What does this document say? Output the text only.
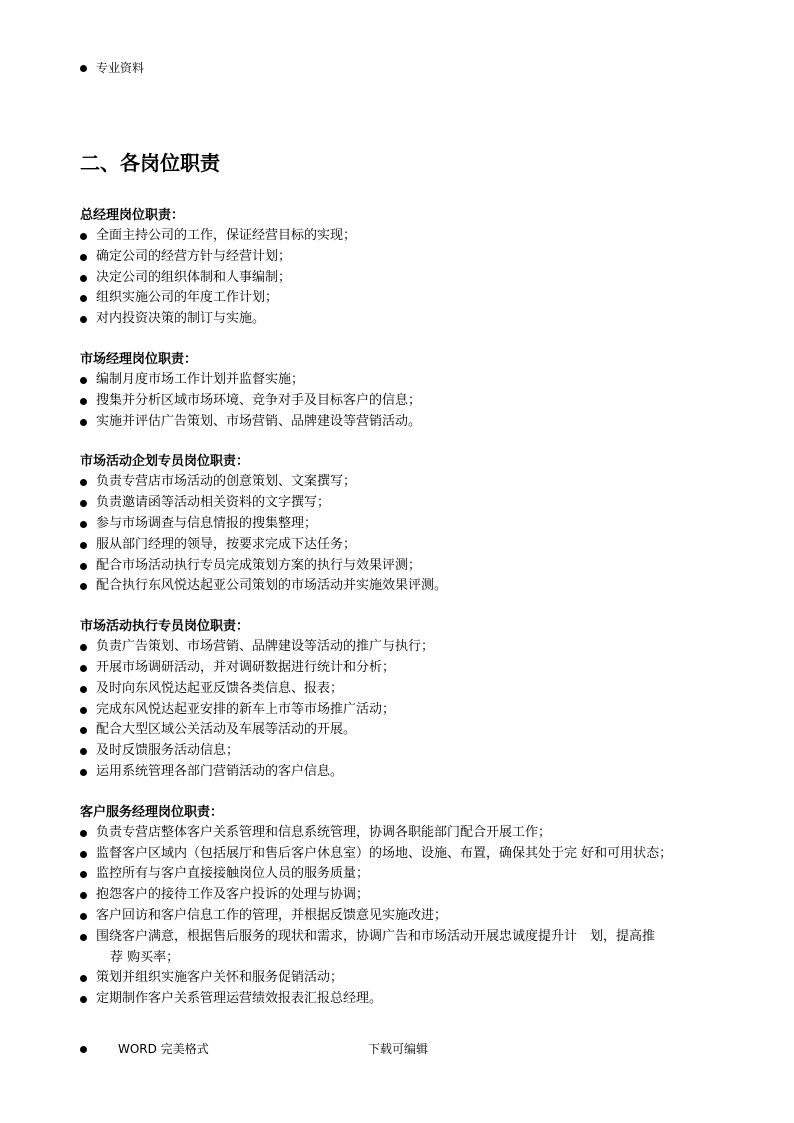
专业资料
二、各岗位职责
总经理岗位职责：
全面主持公司的工作，保证经营目标的实现；
确定公司的经营方针与经营计划；
决定公司的组织体制和人事编制；
组织实施公司的年度工作计划；
对内投资决策的制订与实施。
市场经理岗位职责：
编制月度市场工作计划并监督实施；
搜集并分析区域市场环境、竞争对手及目标客户的信息；
实施并评估广告策划、市场营销、品牌建设等营销活动。
市场活动企划专员岗位职责：
负责专营店市场活动的创意策划、文案撰写；
负责邀请函等活动相关资料的文字撰写；
参与市场调查与信息情报的搜集整理；
服从部门经理的领导，按要求完成下达任务；
配合市场活动执行专员完成策划方案的执行与效果评测；
配合执行东风悦达起亚公司策划的市场活动并实施效果评测。
市场活动执行专员岗位职责：
负责广告策划、市场营销、品牌建设等活动的推广与执行；
开展市场调研活动，并对调研数据进行统计和分析；
及时向东风悦达起亚反馈各类信息、报表；
完成东风悦达起亚安排的新车上市等市场推广活动；
配合大型区域公关活动及车展等活动的开展。
及时反馈服务活动信息；
运用系统管理各部门营销活动的客户信息。
客户服务经理岗位职责：
负责专营店整体客户关系管理和信息系统管理，协调各职能部门配合开展工作；
监督客户区域内（包括展厅和售后客户休息室）的场地、设施、布置，确保其处于完 好和可用状态；
监控所有与客户直接接触岗位人员的服务质量；
抱怨客户的接待工作及客户投诉的处理与协调；
客户回访和客户信息工作的管理，并根据反馈意见实施改进；
围绕客户满意，根据售后服务的现状和需求，协调广告和市场活动开展忠诚度提升计　划，提高推
荐 购买率；
策划并组织实施客户关怀和服务促销活动；
定期制作客户关系管理运营绩效报表汇报总经理。
WORD 完美格式	下载可编辑
